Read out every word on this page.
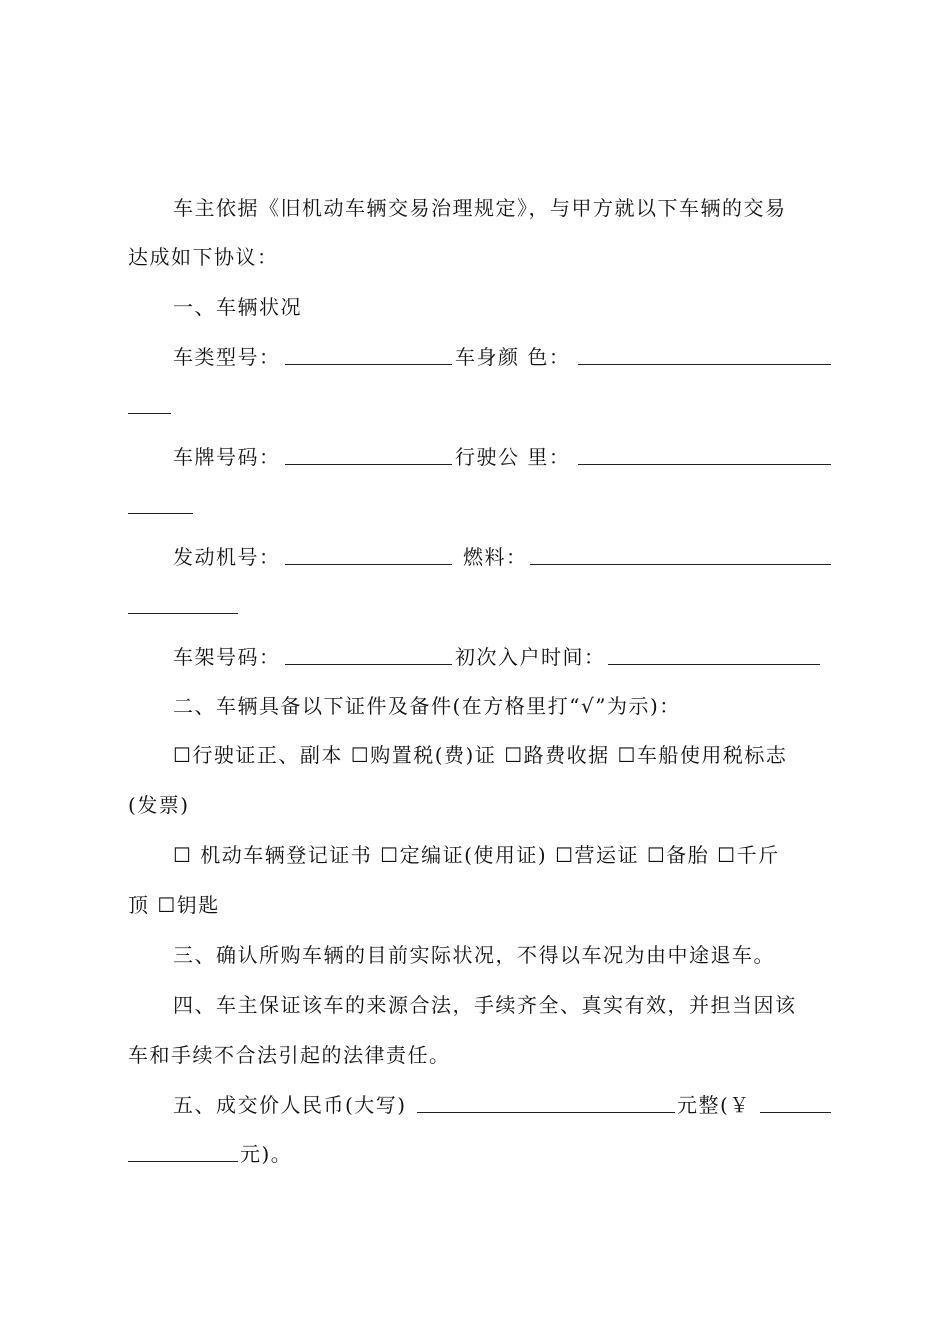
车主依据《旧机动车辆交易治理规定》，与甲方就以下车辆的交易
达成如下协议：
一、车辆状况
车类型号：	车身颜 色：
车牌号码：	行驶公 里：
发动机号：	燃料：
车架号码：	初次入户时间：
二、车辆具备以下证件及备件(在方格里打“√”为示)：
☐行驶证正、副本 ☐购置税(费)证 ☐路费收据 ☐车船使用税标志
(发票)
☐ 机动车辆登记证书 ☐定编证(使用证) ☐营运证 ☐备胎 ☐千斤
顶 ☐钥匙
三、确认所购车辆的目前实际状况，不得以车况为由中途退车。
四、车主保证该车的来源合法，手续齐全、真实有效，并担当因该
车和手续不合法引起的法律责任。
五、成交价人民币(大写)	元整(￥
元)。
